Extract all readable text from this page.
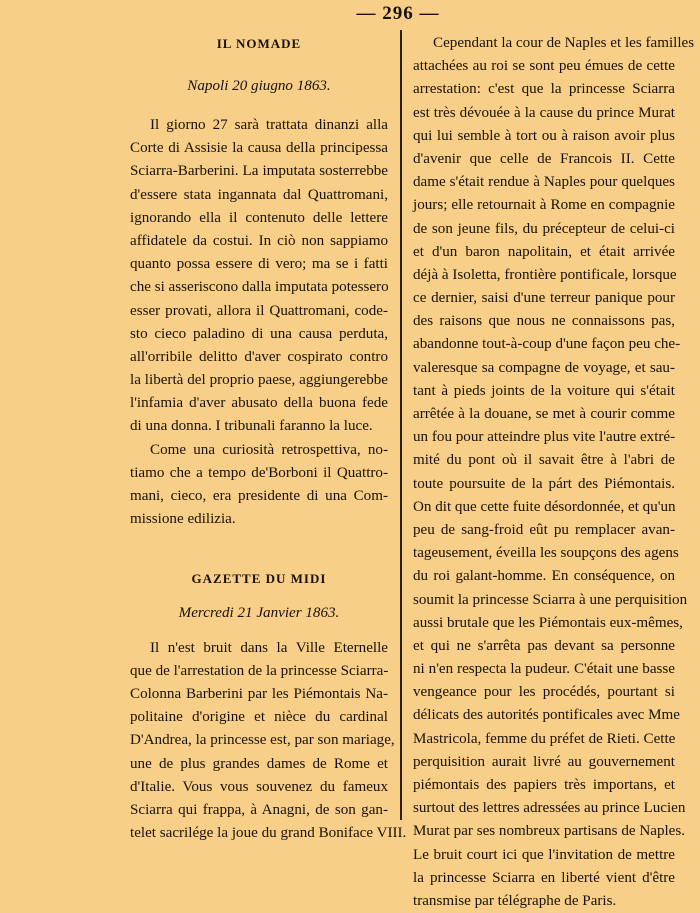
— 296 —
IL NOMADE
Napoli 20 giugno 1863.
Il giorno 27 sarà trattata dinanzi alla
Corte di Assisie la causa della principessa
Sciarra-Barberini. La imputata sosterrebbe
d'essere stata ingannata dal Quattromani,
ignorando ella il contenuto delle lettere
affidatele da costui. In ciò non sappiamo
quanto possa essere di vero; ma se i fatti
che si asseriscono dalla imputata potessero
esser provati, allora il Quattromani, code-
sto cieco paladino di una causa perduta,
all'orribile delitto d'aver cospirato contro
la libertà del proprio paese, aggiungerebbe
l'infamia d'aver abusato della buona fede
di una donna. I tribunali faranno la luce.
Come una curiosità retrospettiva, no-
tiamo che a tempo de'Borboni il Quattro-
mani, cieco, era presidente di una Com-
missione edilizia.
GAZETTE DU MIDI
Mercredi 21 Janvier 1863.
Il n'est bruit dans la Ville Eternelle
que de l'arrestation de la princesse Sciarra-
Colonna Barberini par les Piémontais Na-
politaine d'origine et nièce du cardinal
D'Andrea, la princesse est, par son mariage,
une de plus grandes dames de Rome et
d'Italie. Vous vous souvenez du fameux
Sciarra qui frappa, à Anagni, de son gan-
telet sacrilége la joue du grand Boniface VIII.
Cependant la cour de Naples et les familles
attachées au roi se sont peu émues de cette
arrestation: c'est que la princesse Sciarra
est très dévouée à la cause du prince Murat
qui lui semble à tort ou à raison avoir plus
d'avenir que celle de Francois II. Cette
dame s'était rendue à Naples pour quelques
jours; elle retournait à Rome en compagnie
de son jeune fils, du précepteur de celui-ci
et d'un baron napolitain, et était arrivée
déjà à Isoletta, frontière pontificale, lorsque
ce dernier, saisi d'une terreur panique pour
des raisons que nous ne connaissons pas,
abandonne tout-à-coup d'une façon peu che-
valeresque sa compagne de voyage, et sau-
tant à pieds joints de la voiture qui s'était
arrêtée à la douane, se met à courir comme
un fou pour atteindre plus vite l'autre extré-
mité du pont où il savait être à l'abri de
toute poursuite de la párt des Piémontais.
On dit que cette fuite désordonnée, et qu'un
peu de sang-froid eût pu remplacer avan-
tageusement, éveilla les soupçons des agens
du roi galant-homme. En conséquence, on
soumit la princesse Sciarra à une perquisition
aussi brutale que les Piémontais eux-mêmes,
et qui ne s'arrêta pas devant sa personne
ni n'en respecta la pudeur. C'était une basse
vengeance pour les procédés, pourtant si
délicats des autorités pontificales avec Mme
Mastricola, femme du préfet de Rieti. Cette
perquisition aurait livré au gouvernement
piémontais des papiers très importans, et
surtout des lettres adressées au prince Lucien
Murat par ses nombreux partisans de Naples.
Le bruit court ici que l'invitation de mettre
la princesse Sciarra en liberté vient d'être
transmise par télégraphe de Paris.
